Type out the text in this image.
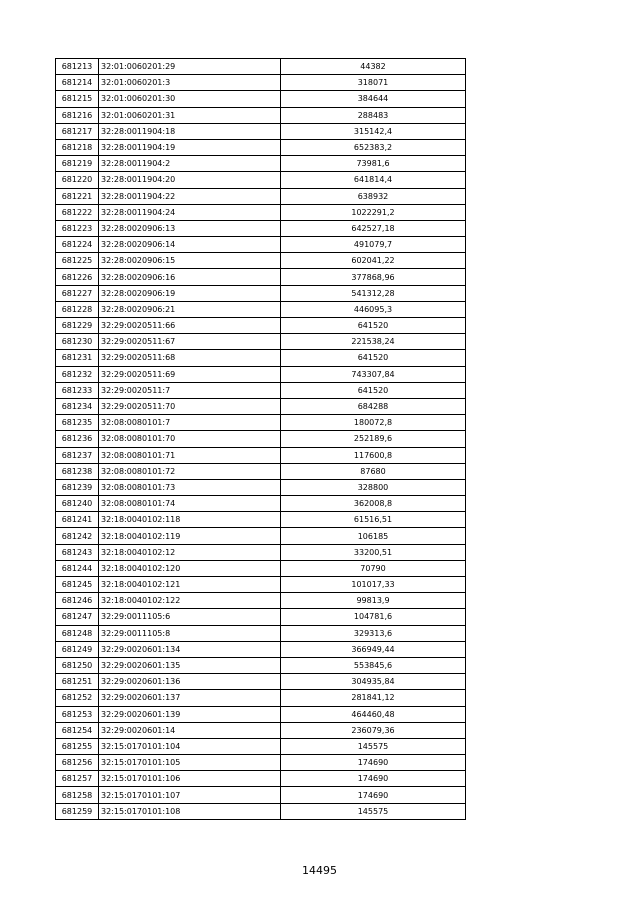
681213	32:01:0060201:29	44382
681214	32:01:0060201:3	318071
681215	32:01:0060201:30	384644
681216	32:01:0060201:31	288483
681217	32:28:0011904:18	315142,4
681218	32:28:0011904:19	652383,2
681219	32:28:0011904:2	73981,6
681220	32:28:0011904:20	641814,4
681221	32:28:0011904:22	638932
681222	32:28:0011904:24	1022291,2
681223	32:28:0020906:13	642527,18
681224	32:28:0020906:14	491079,7
681225	32:28:0020906:15	602041,22
681226	32:28:0020906:16	377868,96
681227	32:28:0020906:19	541312,28
681228	32:28:0020906:21	446095,3
681229	32:29:0020511:66	641520
681230	32:29:0020511:67	221538,24
681231	32:29:0020511:68	641520
681232	32:29:0020511:69	743307,84
681233	32:29:0020511:7	641520
681234	32:29:0020511:70	684288
681235	32:08:0080101:7	180072,8
681236	32:08:0080101:70	252189,6
681237	32:08:0080101:71	117600,8
681238	32:08:0080101:72	87680
681239	32:08:0080101:73	328800
681240	32:08:0080101:74	362008,8
681241	32:18:0040102:118	61516,51
681242	32:18:0040102:119	106185
681243	32:18:0040102:12	33200,51
681244	32:18:0040102:120	70790
681245	32:18:0040102:121	101017,33
681246	32:18:0040102:122	99813,9
681247	32:29:0011105:6	104781,6
681248	32:29:0011105:8	329313,6
681249	32:29:0020601:134	366949,44
681250	32:29:0020601:135	553845,6
681251	32:29:0020601:136	304935,84
681252	32:29:0020601:137	281841,12
681253	32:29:0020601:139	464460,48
681254	32:29:0020601:14	236079,36
681255	32:15:0170101:104	145575
681256	32:15:0170101:105	174690
681257	32:15:0170101:106	174690
681258	32:15:0170101:107	174690
681259	32:15:0170101:108	145575
14495
